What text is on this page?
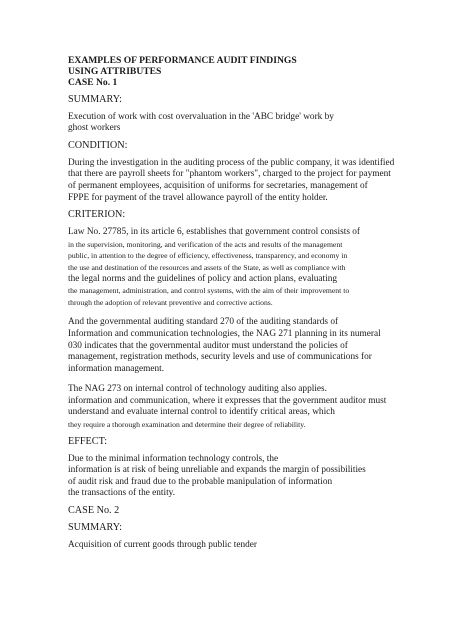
EXAMPLES OF PERFORMANCE AUDIT FINDINGS

USING ATTRIBUTES

CASE No. 1

SUMMARY:

Execution of work with cost overvaluation in the 'ABC bridge' work by
ghost workers

CONDITION:

During the investigation in the auditing process of the public company, it was identified
that there are payroll sheets for "phantom workers", charged to the project for payment
of permanent employees, acquisition of uniforms for secretaries, management of
FPPE for payment of the travel allowance payroll of the entity holder.

CRITERION:

Law No. 27785, in its article 6, establishes that government control consists of
in the supervision, monitoring, and verification of the acts and results of the management
public, in attention to the degree of efficiency, effectiveness, transparency, and economy in
the use and destination of the resources and assets of the State, as well as compliance with
the legal norms and the guidelines of policy and action plans, evaluating
the management, administration, and control systems, with the aim of their improvement to
through the adoption of relevant preventive and corrective actions.

And the governmental auditing standard 270 of the auditing standards of
Information and communication technologies, the NAG 271 planning in its numeral
030 indicates that the governmental auditor must understand the policies of
management, registration methods, security levels and use of communications for
information management.

The NAG 273 on internal control of technology auditing also applies.
information and communication, where it expresses that the government auditor must
understand and evaluate internal control to identify critical areas, which
they require a thorough examination and determine their degree of reliability.

EFFECT:

Due to the minimal information technology controls, the
information is at risk of being unreliable and expands the margin of possibilities
of audit risk and fraud due to the probable manipulation of information
the transactions of the entity.

CASE No. 2

SUMMARY:

Acquisition of current goods through public tender
